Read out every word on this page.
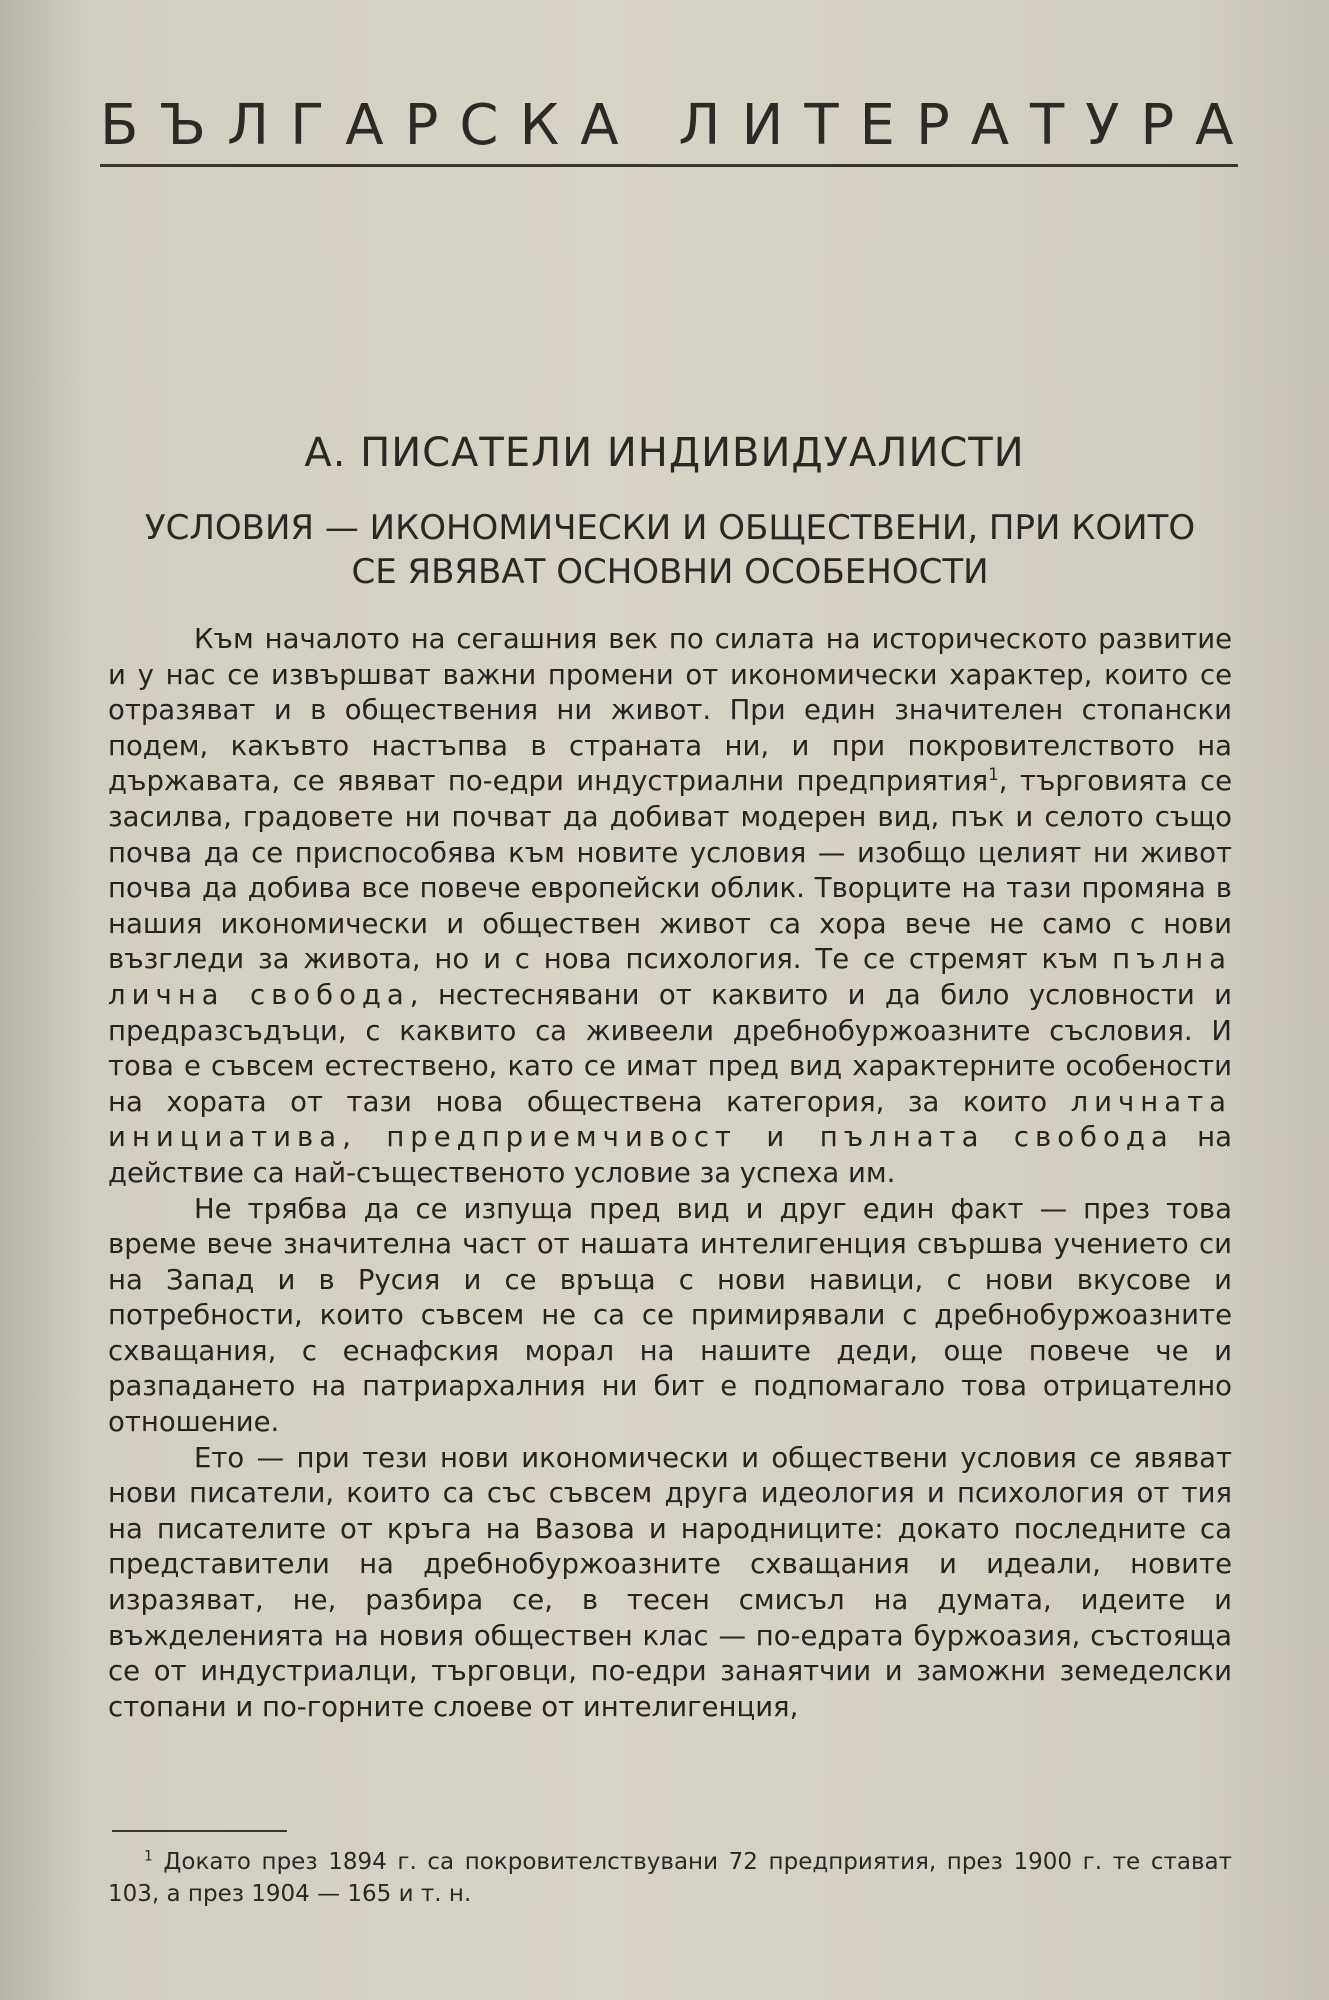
БЪЛГАРСКА ЛИТЕРАТУРА
А. ПИСАТЕЛИ ИНДИВИДУАЛИСТИ
УСЛОВИЯ — ИКОНОМИЧЕСКИ И ОБЩЕСТВЕНИ, ПРИ КОИТО
СЕ ЯВЯВАТ ОСНОВНИ ОСОБЕНОСТИ

Към началото на сегашния век по силата на историческото развитие и у нас се извършват важни промени от икономически характер, които се отразяват и в обществения ни живот. При един значителен стопански подем, какъвто настъпва в страната ни, и при покровителството на държавата, се явяват по-едри индустриални предприятия$^1$, търговията се засилва, градовете ни почват да добиват модерен вид, пък и селото също почва да се приспособява към новите условия — изобщо целият ни живот почва да добива все повече европейски облик. Творците на тази промяна в нашия икономически и обществен живот са хора вече не само с нови възгледи за живота, но и с нова психология. Те се стремят към пълна лична свобода, нестеснявани от каквито и да било условности и предразсъдъци, с каквито са живеели дребнобуржоазните съсловия. И това е съвсем естествено, като се имат пред вид характерните особености на хората от тази нова обществена категория, за които личната инициатива, предприемчивост и пълната свобода на действие са най-същественото условие за успеха им.

Не трябва да се изпуща пред вид и друг един факт — през това време вече значителна част от нашата интелигенция свършва учението си на Запад и в Русия и се връща с нови навици, с нови вкусове и потребности, които съвсем не са се примирявали с дребнобуржоазните схващания, с еснафския морал на нашите деди, още повече че и разпадането на патриархалния ни бит е подпомагало това отрицателно отношение.

Ето — при тези нови икономически и обществени условия се явяват нови писатели, които са със съвсем друга идеология и психология от тия на писателите от кръга на Вазова и народниците: докато последните са представители на дребнобуржоазните схващания и идеали, новите изразяват, не, разбира се, в тесен смисъл на думата, идеите и въжделенията на новия обществен клас — по-едрата буржоазия, състояща се от индустриалци, търговци, по-едри занаятчии и заможни земеделски стопани и по-горните слоеве от интелигенция,

$^1$ Докато през 1894 г. са покровителствувани 72 предприятия, през 1900 г. те стават 103, а през 1904 — 165 и т. н.
